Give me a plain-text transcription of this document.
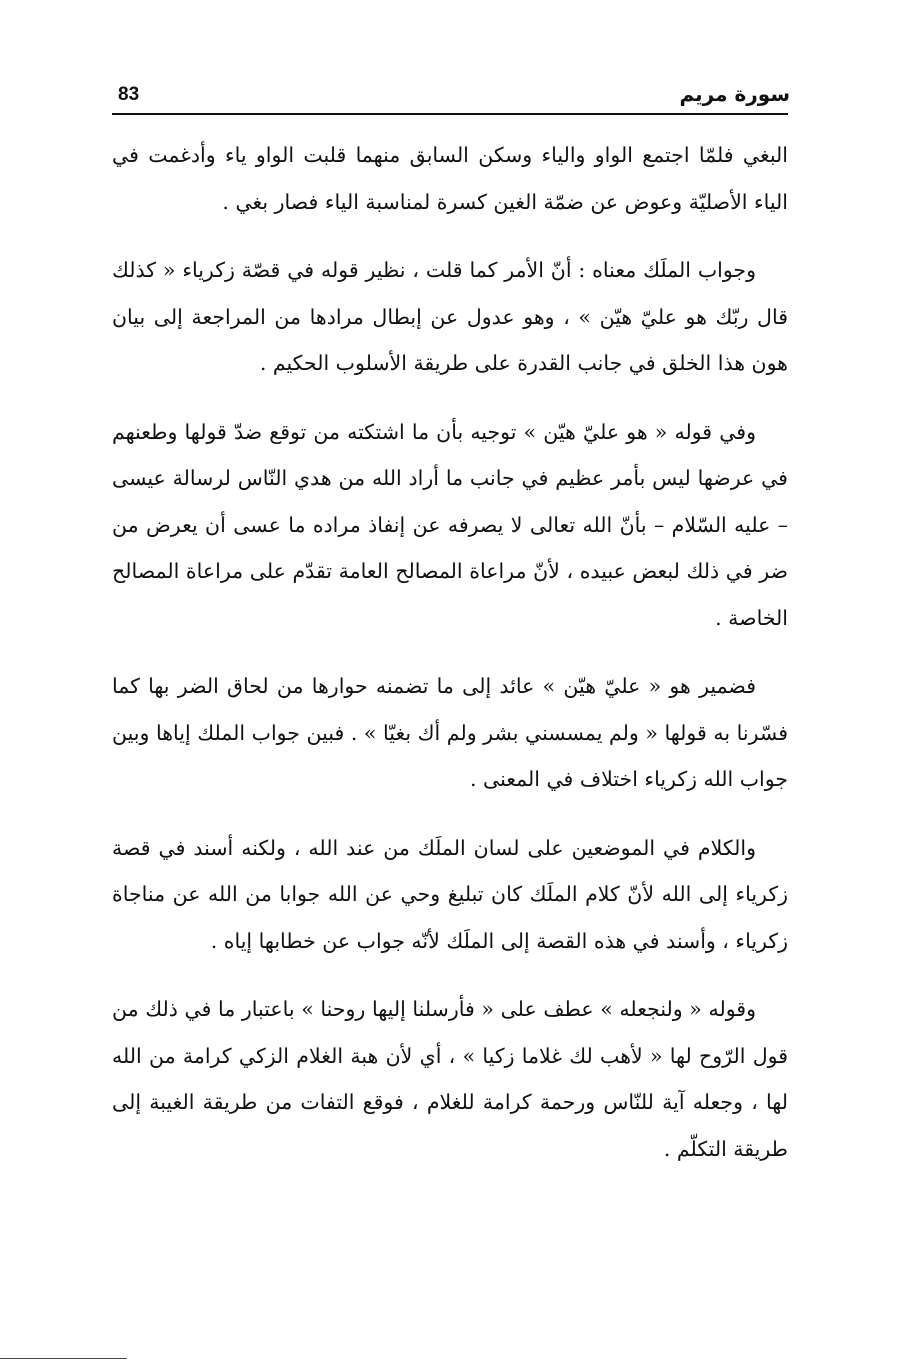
83	سورة مريم

البغي فلمّا اجتمع الواو والياء وسكن السابق منهما قلبت الواو ياء وأدغمت في الياء الأصليّة وعوض عن ضمّة الغين كسرة لمناسبة الياء فصار بغي .

وجواب الملَك معناه : أنّ الأمر كما قلت ، نظير قوله في قصّة زكرياء « كذلك قال ربّك هو عليّ هيّن » ، وهو عدول عن إبطال مرادها من المراجعة إلى بيان هون هذا الخلق في جانب القدرة على طريقة الأسلوب الحكيم .

وفي قوله « هو عليّ هيّن » توجيه بأن ما اشتكته من توقع ضدّ قولها وطعنهم في عرضها ليس بأمر عظيم في جانب ما أراد الله من هدي النّاس لرسالة عيسى – عليه السّلام – بأنّ الله تعالى لا يصرفه عن إنفاذ مراده ما عسى أن يعرض من ضر في ذلك لبعض عبيده ، لأنّ مراعاة المصالح العامة تقدّم على مراعاة المصالح الخاصة .

فضمير هو « عليّ هيّن » عائد إلى ما تضمنه حوارها من لحاق الضر بها كما فسّرنا به قولها « ولم يمسسني بشر ولم أك بغيّا » . فبين جواب الملك إياها وبين جواب الله زكرياء اختلاف في المعنى .

والكلام في الموضعين على لسان الملَك من عند الله ، ولكنه أسند في قصة زكرياء إلى الله لأنّ كلام الملَك كان تبليغ وحي عن الله جوابا من الله عن مناجاة زكرياء ، وأسند في هذه القصة إلى الملَك لأنّه جواب عن خطابها إياه .

وقوله « ولنجعله » عطف على « فأرسلنا إليها روحنا » باعتبار ما في ذلك من قول الرّوح لها « لأهب لك غلاما زكيا » ، أي لأن هبة الغلام الزكي كرامة من الله لها ، وجعله آية للنّاس ورحمة كرامة للغلام ، فوقع التفات من طريقة الغيبة إلى طريقة التكلّم .
